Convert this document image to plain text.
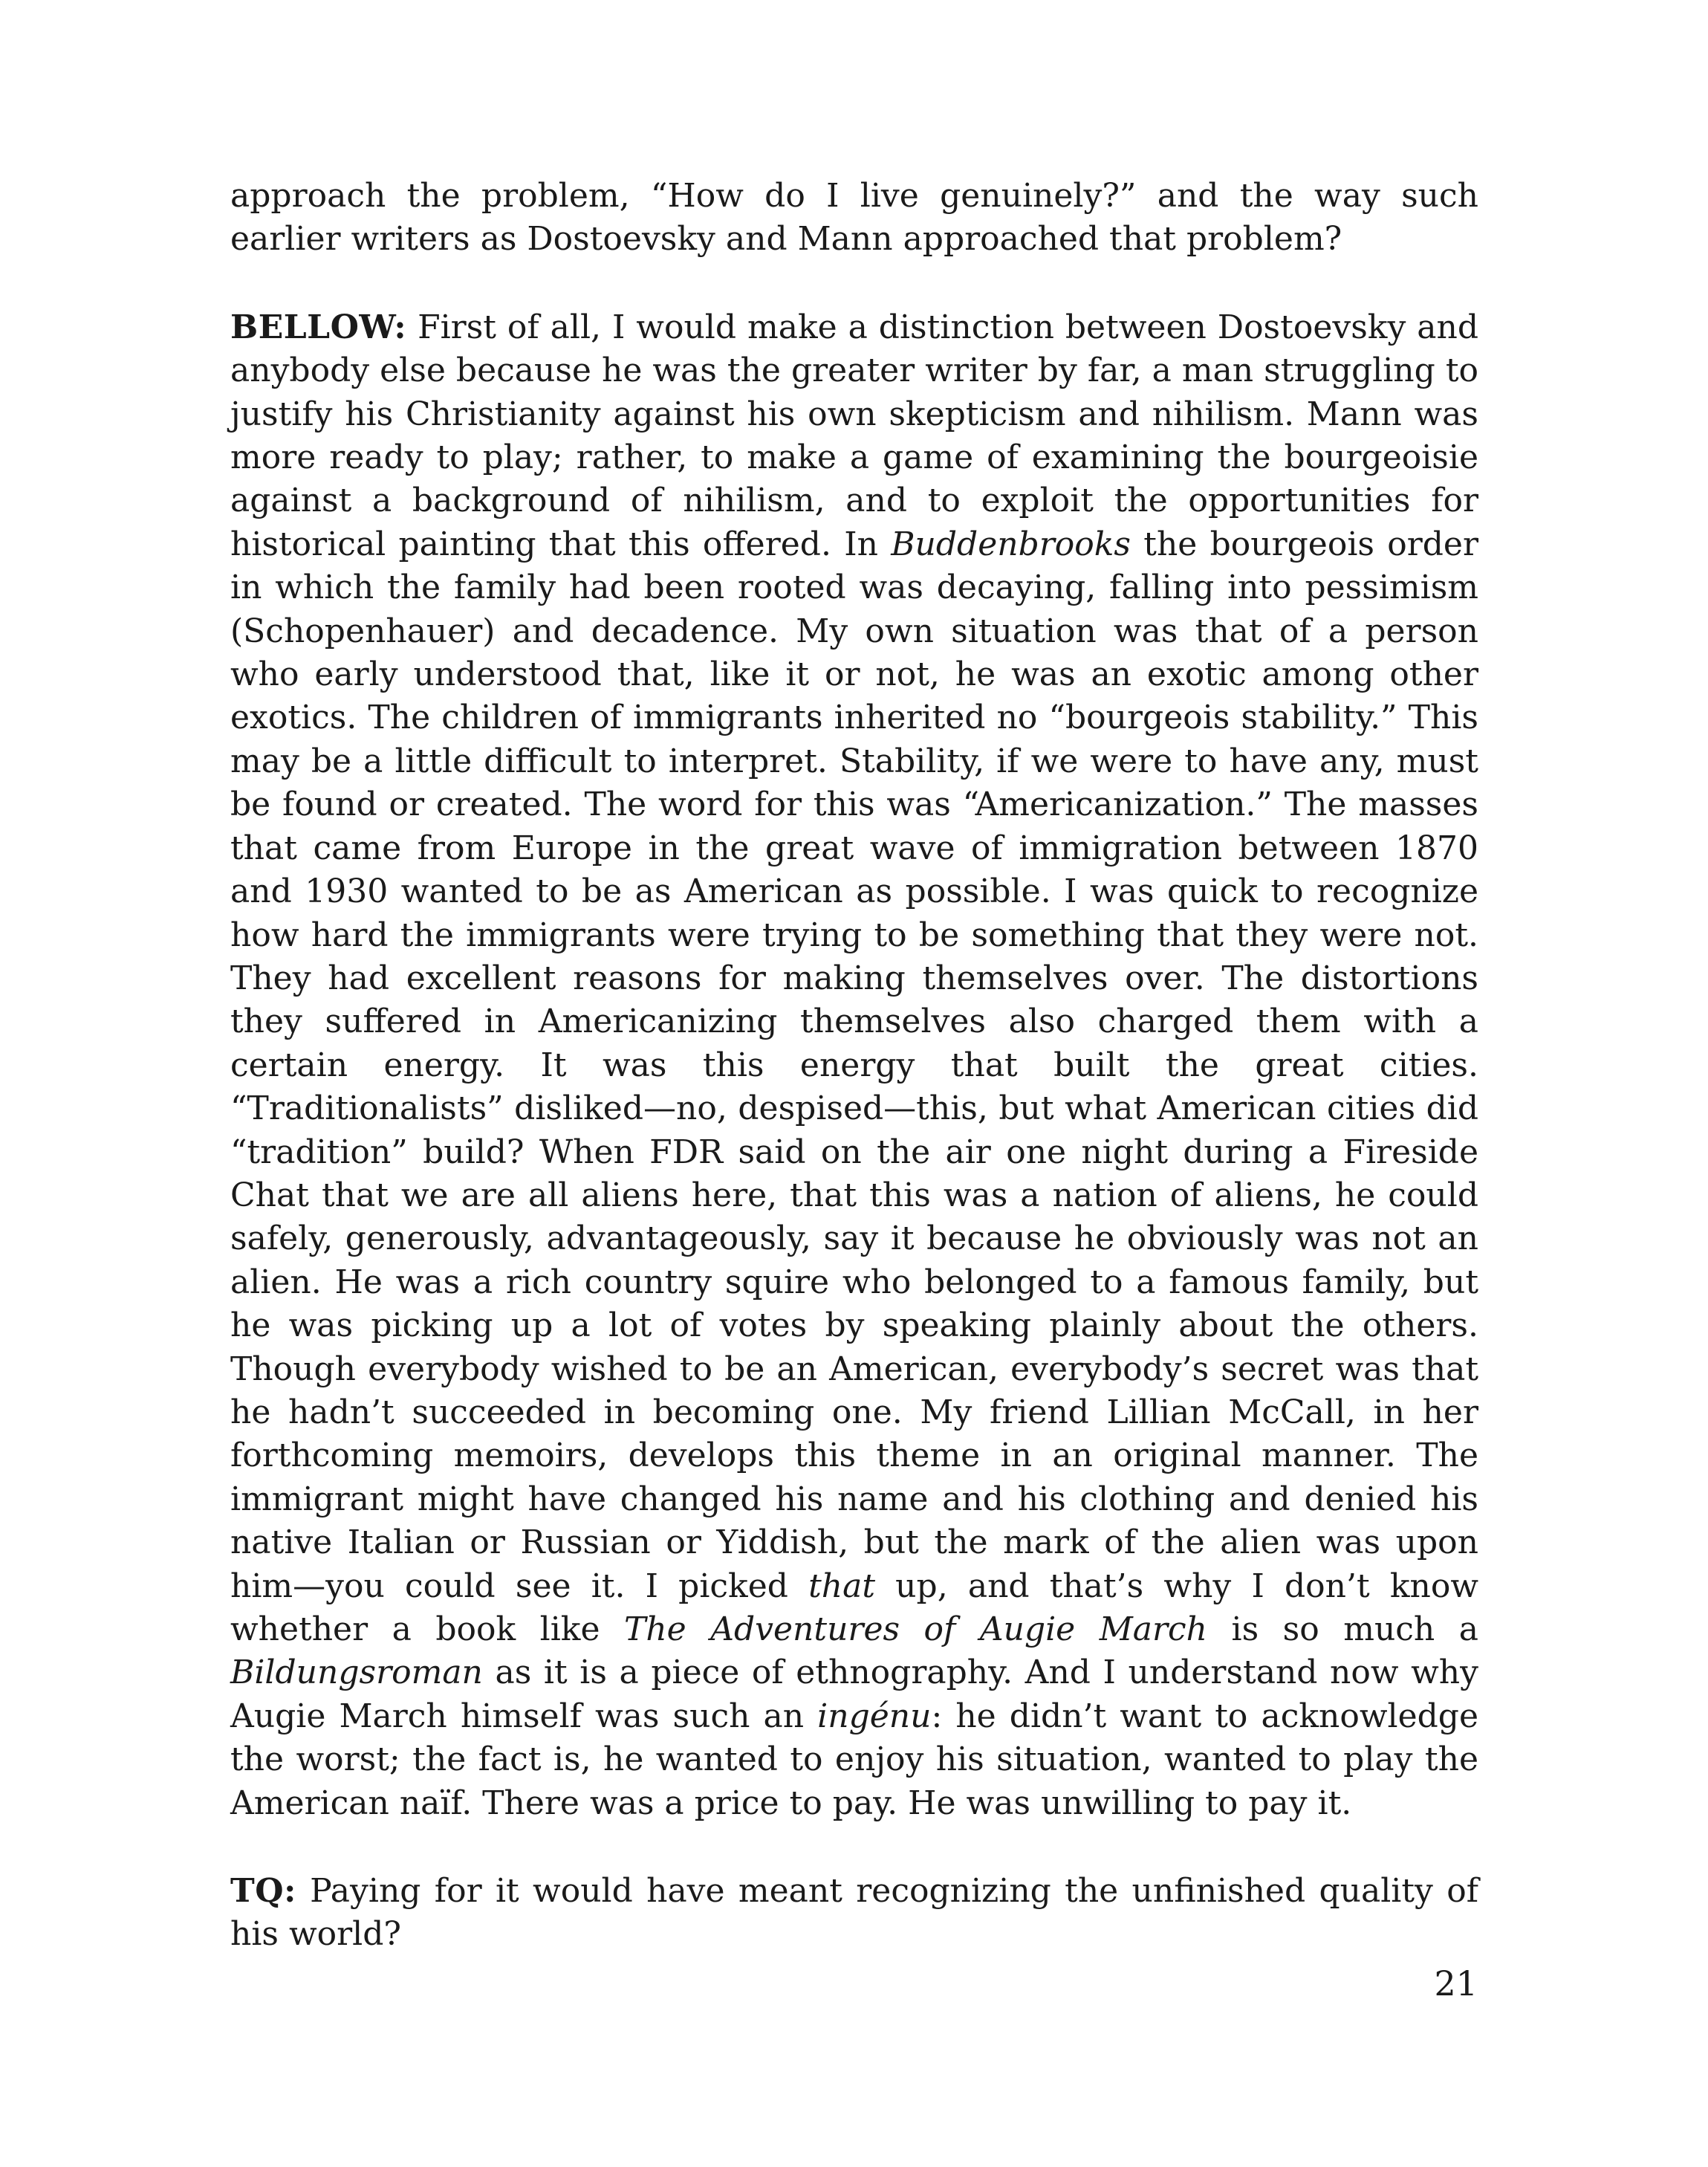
approach the problem, “How do I live genuinely?” and the way such earlier writers as Dostoevsky and Mann approached that problem?

BELLOW: First of all, I would make a distinction between Dostoevsky and anybody else because he was the greater writer by far, a man struggling to justify his Christianity against his own skepticism and nihilism. Mann was more ready to play; rather, to make a game of examining the bourgeoisie against a background of nihilism, and to exploit the opportunities for historical painting that this offered. In Buddenbrooks the bourgeois order in which the family had been rooted was decaying, falling into pessimism (Schopenhauer) and decadence. My own situation was that of a person who early understood that, like it or not, he was an exotic among other exotics. The children of immigrants inherited no “bourgeois stability.” This may be a little difficult to interpret. Stability, if we were to have any, must be found or created. The word for this was “Americanization.” The masses that came from Europe in the great wave of immigration between 1870 and 1930 wanted to be as American as possible. I was quick to recognize how hard the immigrants were trying to be something that they were not. They had excellent reasons for making themselves over. The distortions they suffered in Americanizing themselves also charged them with a certain energy. It was this energy that built the great cities. “Traditionalists” disliked—no, despised—this, but what American cities did “tradition” build? When FDR said on the air one night during a Fireside Chat that we are all aliens here, that this was a nation of aliens, he could safely, generously, advantageously, say it because he obviously was not an alien. He was a rich country squire who belonged to a famous family, but he was picking up a lot of votes by speaking plainly about the others. Though everybody wished to be an American, everybody’s secret was that he hadn’t succeeded in becoming one. My friend Lillian McCall, in her forthcoming memoirs, develops this theme in an original manner. The immigrant might have changed his name and his clothing and denied his native Italian or Russian or Yiddish, but the mark of the alien was upon him—you could see it. I picked that up, and that’s why I don’t know whether a book like The Adventures of Augie March is so much a Bildungsroman as it is a piece of ethnography. And I understand now why Augie March himself was such an ingénu: he didn’t want to acknowledge the worst; the fact is, he wanted to enjoy his situation, wanted to play the American naïf. There was a price to pay. He was unwilling to pay it.

TQ: Paying for it would have meant recognizing the unfinished quality of his world?

21
